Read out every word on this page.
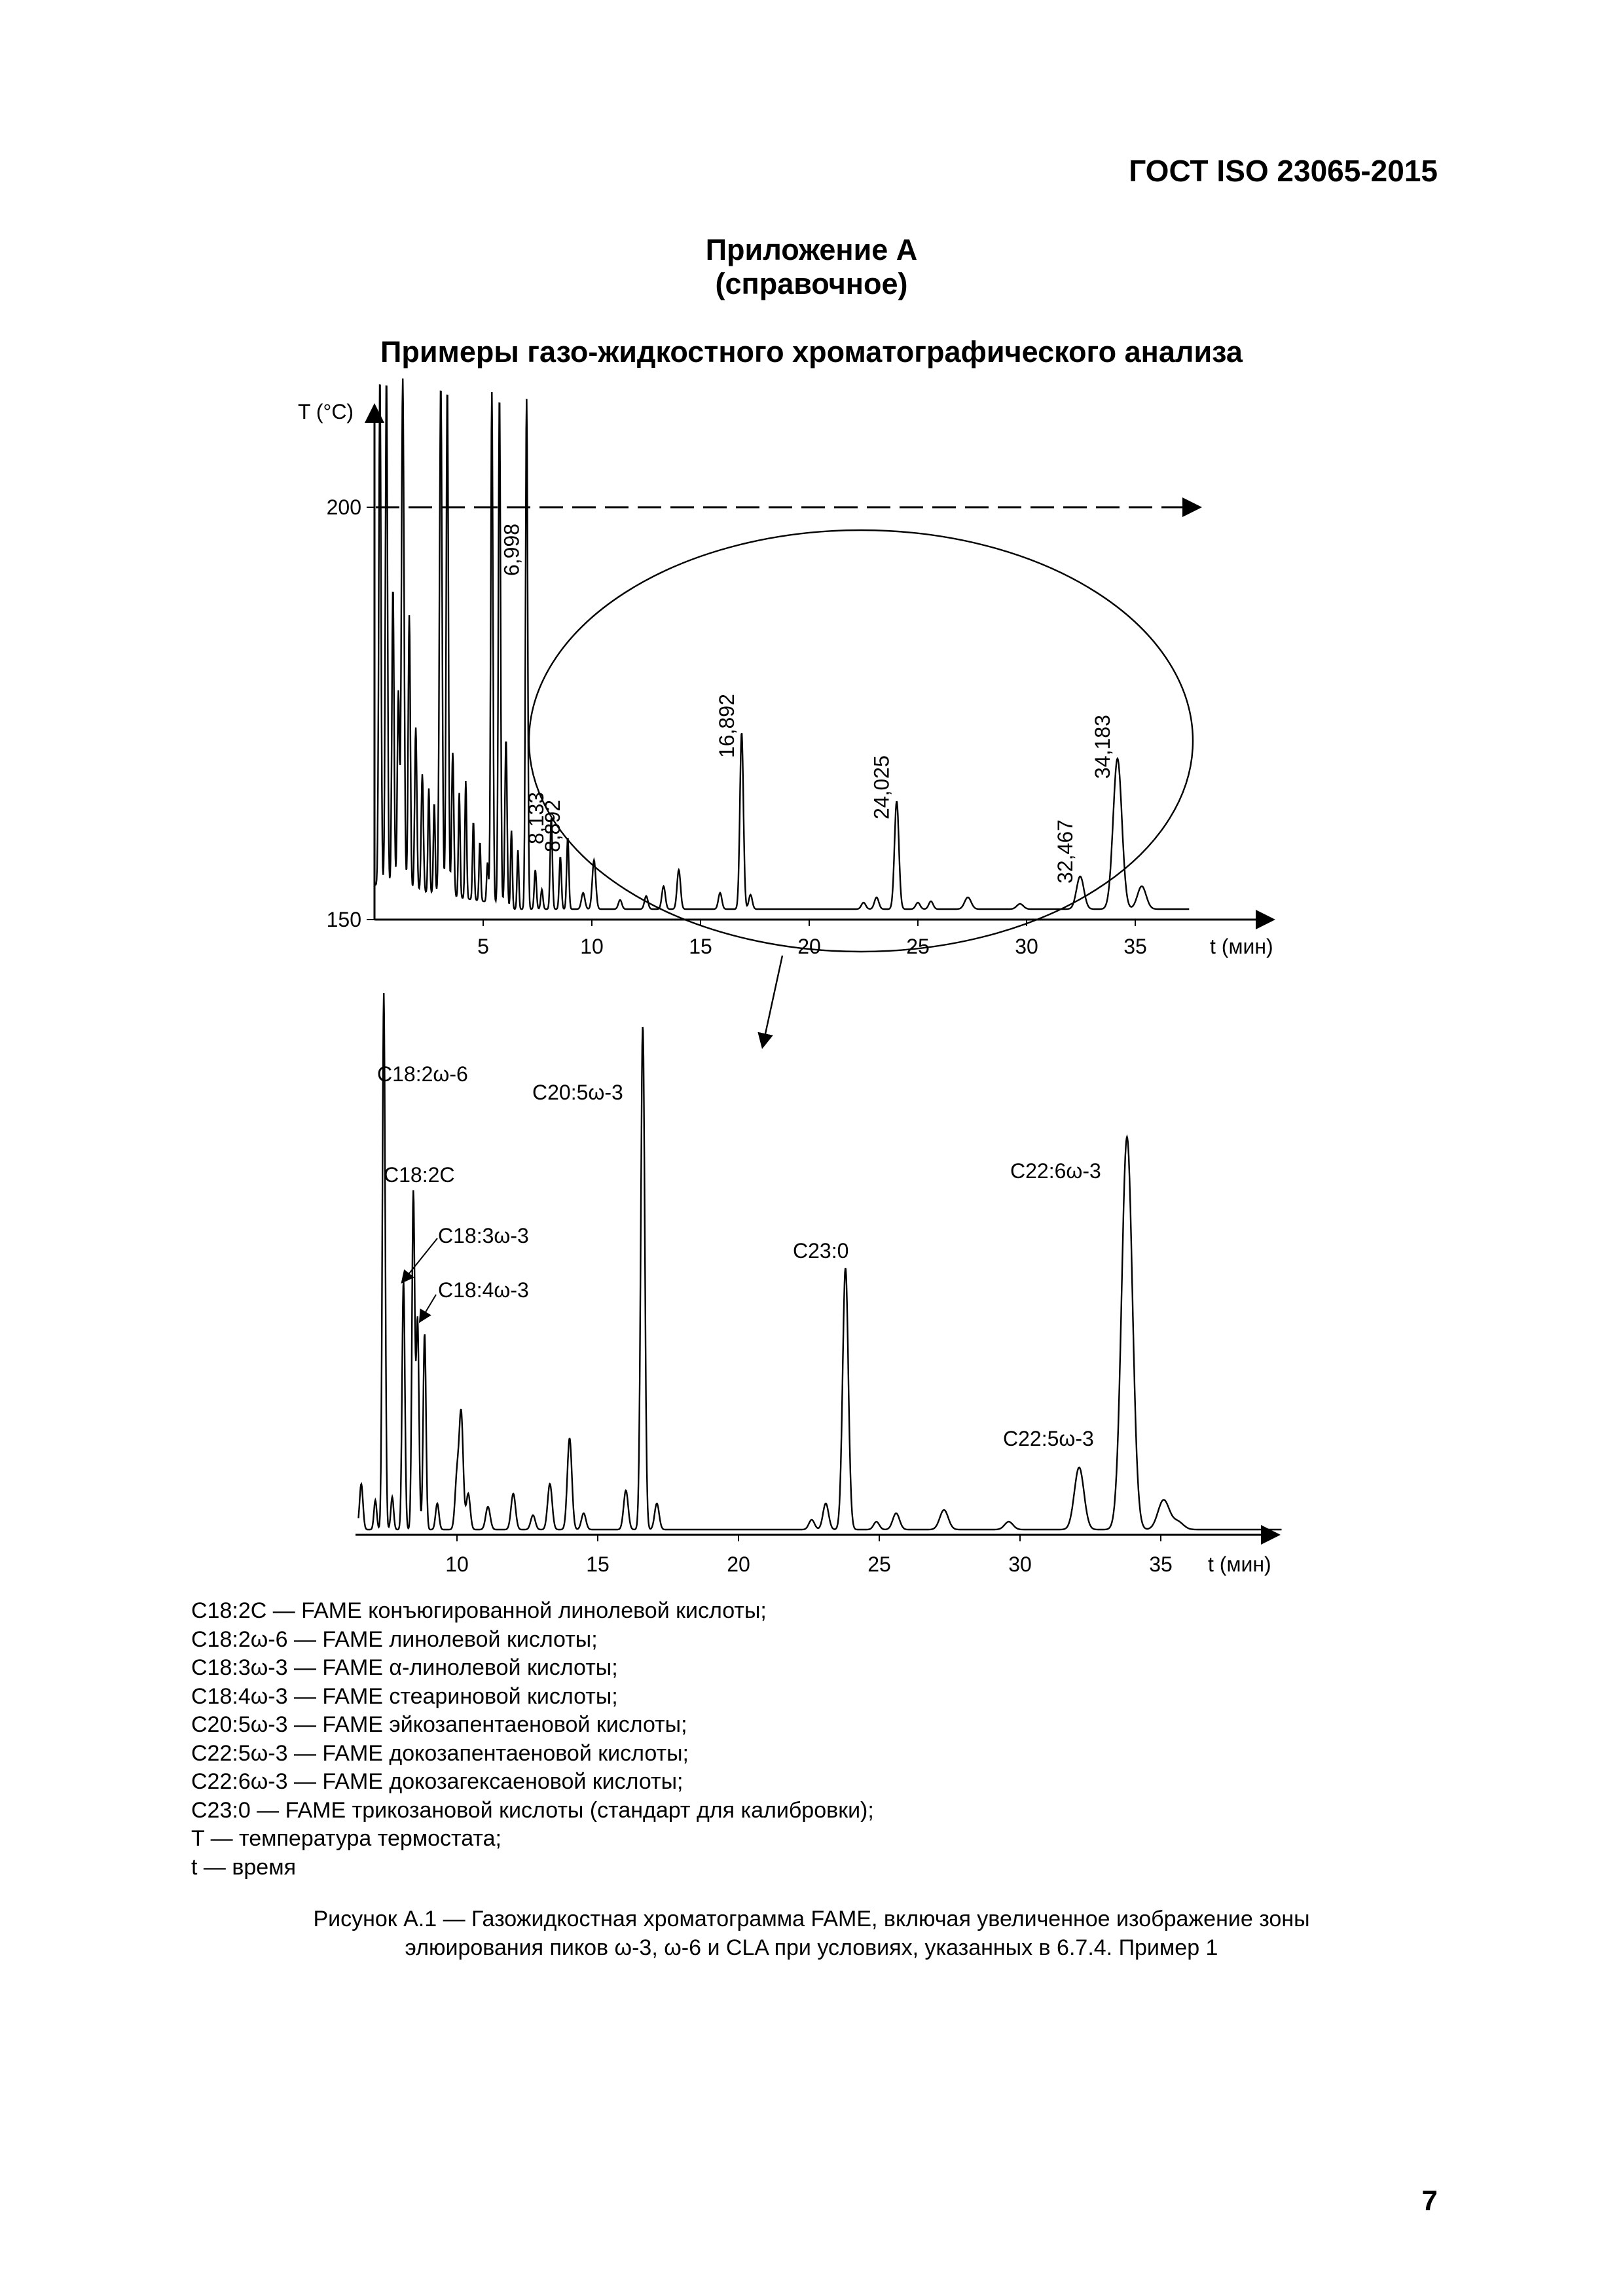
ГОСТ ISO 23065-2015
Приложение А
(справочное)
Примеры газо-жидкостного хроматографического анализа
T (°C)
200
150
5	10	15	20	25	30	35	t (мин)
6,998
8,133
8,892
16,892
24,025
32,467
34,183
10	15	20	25	30	35 t (мин)
C18:2ω-6
C18:2C
C18:3ω-3
C18:4ω-3
C20:5ω-3
C23:0
C22:5ω-3
C22:6ω-3
C18:2C — FAME конъюгированной линолевой кислоты;
C18:2ω-6 — FAME линолевой кислоты;
C18:3ω-3 — FAME α-линолевой кислоты;
C18:4ω-3 — FAME стеариновой кислоты;
C20:5ω-3 — FAME эйкозапентаеновой кислоты;
C22:5ω-3 — FAME докозапентаеновой кислоты;
C22:6ω-3 — FAME докозагексаеновой кислоты;
C23:0 — FAME трикозановой кислоты (стандарт для калибровки);
T — температура термостата;
t — время
Рисунок А.1 — Газожидкостная хроматограмма FAME, включая увеличенное изображение зоны
элюирования пиков ω-3, ω-6 и CLA при условиях, указанных в 6.7.4. Пример 1
7
